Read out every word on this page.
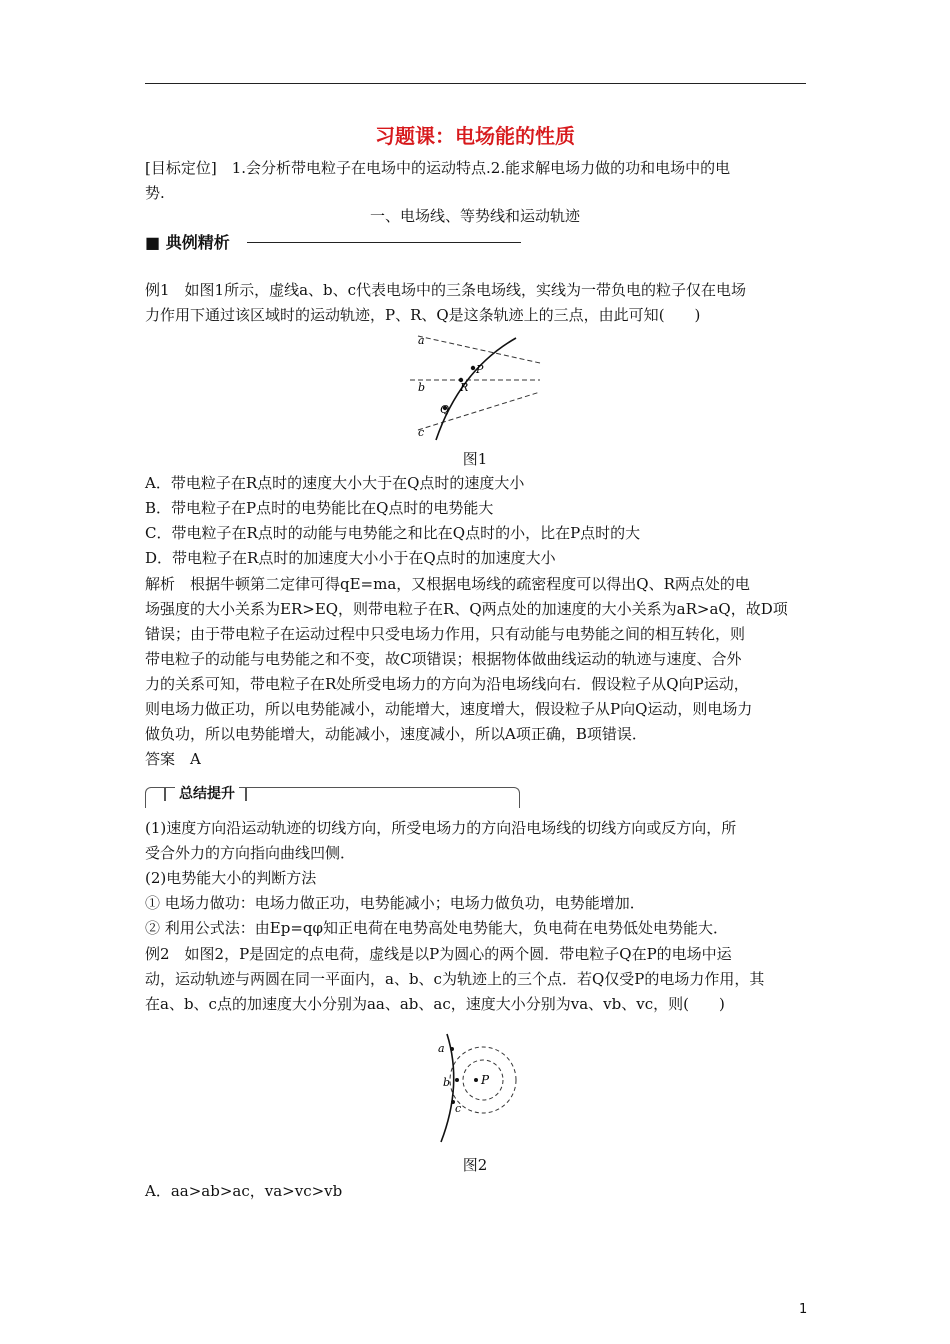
习题课：电场能的性质
[目标定位]　1.会分析带电粒子在电场中的运动特点.2.能求解电场力做的功和电场中的电
势.
一、电场线、等势线和运动轨迹
■ 典例精析
例1　如图1所示，虚线a、b、c代表电场中的三条电场线，实线为一带负电的粒子仅在电场
力作用下通过该区域时的运动轨迹，P、R、Q是这条轨迹上的三点，由此可知(　　)
a
b
c
P
R
Q
图1
A．带电粒子在R点时的速度大小大于在Q点时的速度大小
B．带电粒子在P点时的电势能比在Q点时的电势能大
C．带电粒子在R点时的动能与电势能之和比在Q点时的小，比在P点时的大
D．带电粒子在R点时的加速度大小小于在Q点时的加速度大小
解析　根据牛顿第二定律可得qE=ma，又根据电场线的疏密程度可以得出Q、R两点处的电
场强度的大小关系为ER>EQ，则带电粒子在R、Q两点处的加速度的大小关系为aR>aQ，故D项
错误；由于带电粒子在运动过程中只受电场力作用，只有动能与电势能之间的相互转化，则
带电粒子的动能与电势能之和不变，故C项错误；根据物体做曲线运动的轨迹与速度、合外
力的关系可知，带电粒子在R处所受电场力的方向为沿电场线向右．假设粒子从Q向P运动，
则电场力做正功，所以电势能减小，动能增大，速度增大，假设粒子从P向Q运动，则电场力
做负功，所以电势能增大，动能减小，速度减小，所以A项正确，B项错误．
答案　A
总结提升
(1)速度方向沿运动轨迹的切线方向，所受电场力的方向沿电场线的切线方向或反方向，所
受合外力的方向指向曲线凹侧．
(2)电势能大小的判断方法
① 电场力做功：电场力做正功，电势能减小；电场力做负功，电势能增加．
② 利用公式法：由Ep=qφ知正电荷在电势高处电势能大，负电荷在电势低处电势能大．
例2　如图2，P是固定的点电荷，虚线是以P为圆心的两个圆．带电粒子Q在P的电场中运
动，运动轨迹与两圆在同一平面内，a、b、c为轨迹上的三个点．若Q仅受P的电场力作用，其
在a、b、c点的加速度大小分别为aa、ab、ac，速度大小分别为va、vb、vc，则(　　)
a
b
c
P
图2
A．aa>ab>ac，va>vc>vb
1
